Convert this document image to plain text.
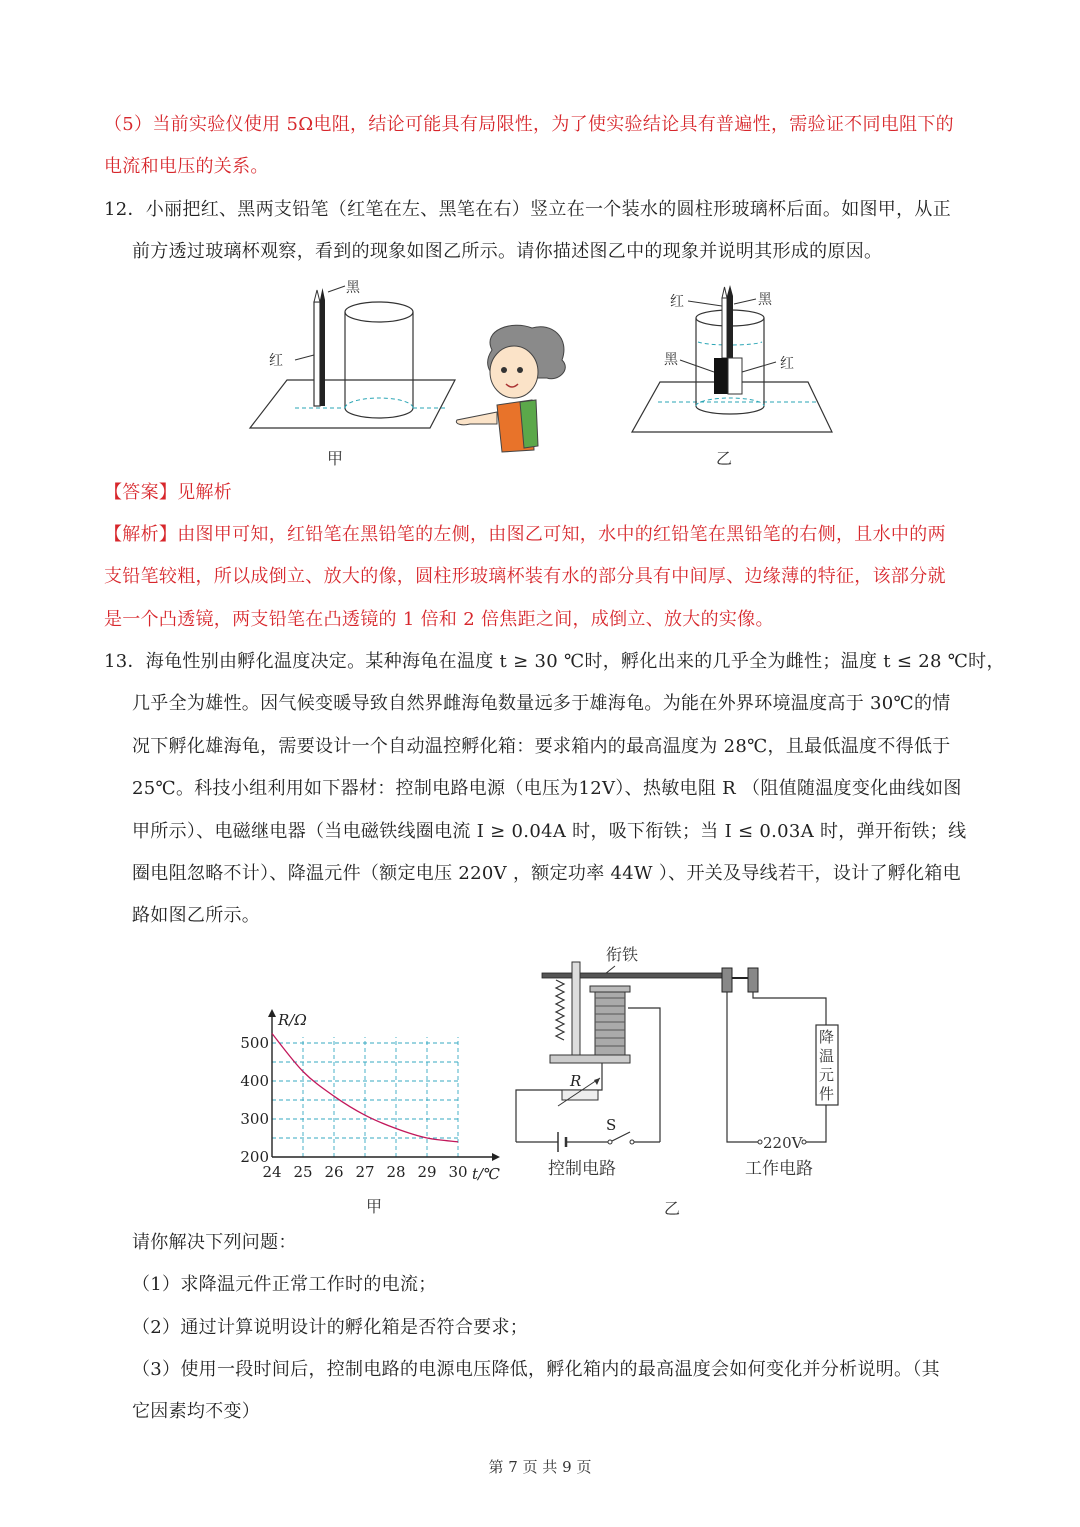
（5）当前实验仪使用 5Ω电阻，结论可能具有局限性，为了使实验结论具有普遍性，需验证不同电阻下的
电流和电压的关系。
12．小丽把红、黑两支铅笔（红笔在左、黑笔在右）竖立在一个装水的圆柱形玻璃杯后面。如图甲，从正
前方透过玻璃杯观察，看到的现象如图乙所示。请你描述图乙中的现象并说明其形成的原因。
黑
红
甲
红	黑
黑	红
乙
【答案】见解析
【解析】由图甲可知，红铅笔在黑铅笔的左侧，由图乙可知，水中的红铅笔在黑铅笔的右侧，且水中的两
支铅笔较粗，所以成倒立、放大的像，圆柱形玻璃杯装有水的部分具有中间厚、边缘薄的特征，该部分就
是一个凸透镜，两支铅笔在凸透镜的 1 倍和 2 倍焦距之间，成倒立、放大的实像。
13．海龟性别由孵化温度决定。某种海龟在温度 t ≥ 30 ℃时，孵化出来的几乎全为雌性；温度 t ≤ 28 ℃时，
几乎全为雄性。因气候变暖导致自然界雌海龟数量远多于雄海龟。为能在外界环境温度高于 30℃的情
况下孵化雄海龟，需要设计一个自动温控孵化箱：要求箱内的最高温度为 28℃，且最低温度不得低于
25℃。科技小组利用如下器材：控制电路电源（电压为12V）、热敏电阻 R （阻值随温度变化曲线如图
甲所示）、电磁继电器（当电磁铁线圈电流 I ≥ 0.04A 时，吸下衔铁；当 I ≤ 0.03A 时，弹开衔铁；线
圈电阻忽略不计）、降温元件（额定电压 220V ，额定功率 44W ）、开关及导线若干，设计了孵化箱电
路如图乙所示。
24 25 26 27 28 29 30
200
300
400
500
R/Ω
t/℃
甲
衔铁
R
S
控制电路
降
温
元
件
220V
工作电路
乙
请你解决下列问题：
（1）求降温元件正常工作时的电流；
（2）通过计算说明设计的孵化箱是否符合要求；
（3）使用一段时间后，控制电路的电源电压降低，孵化箱内的最高温度会如何变化并分析说明。（其
它因素均不变）
第 7 页 共 9 页
